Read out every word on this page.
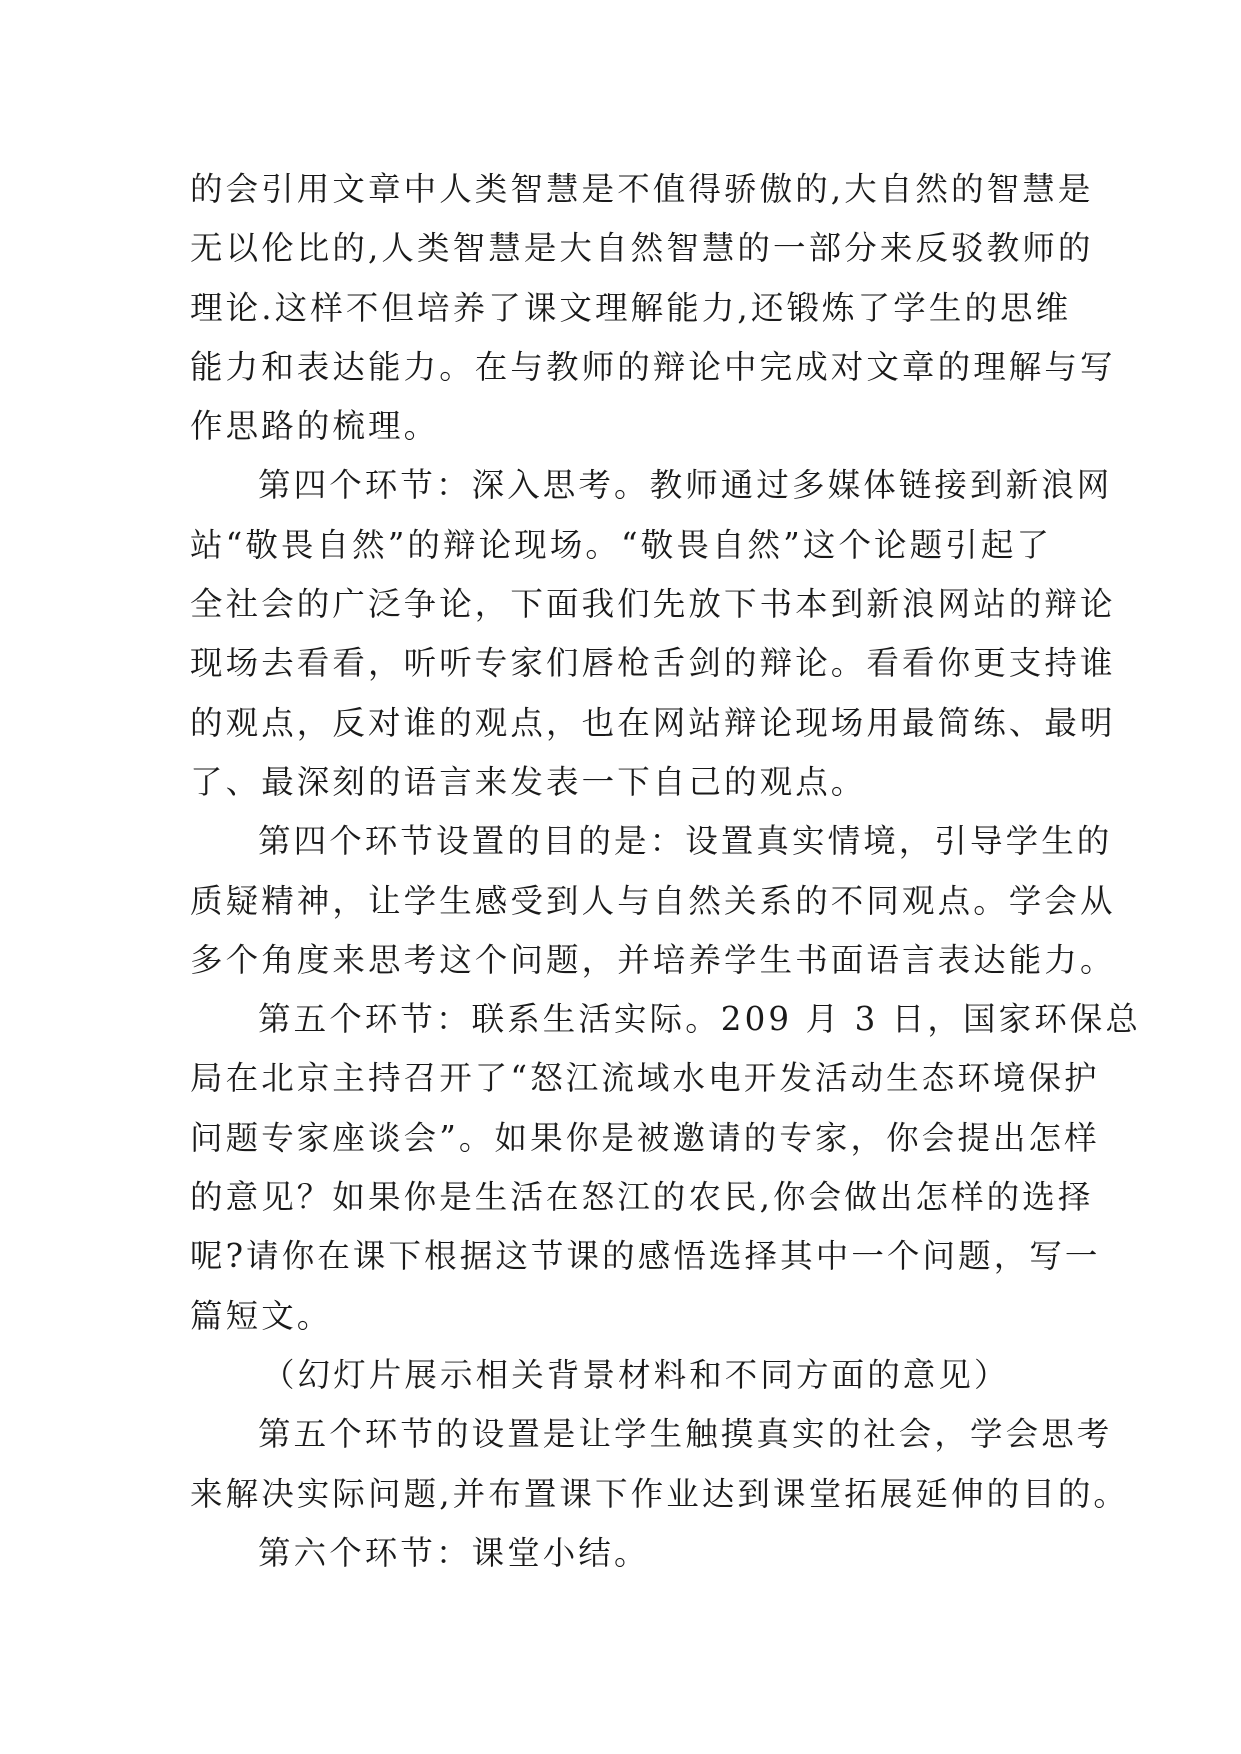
的会引用文章中人类智慧是不值得骄傲的,大自然的智慧是
无以伦比的,人类智慧是大自然智慧的一部分来反驳教师的
理论.这样不但培养了课文理解能力,还锻炼了学生的思维
能力和表达能力。在与教师的辩论中完成对文章的理解与写
作思路的梳理。

第四个环节：深入思考。教师通过多媒体链接到新浪网
站“敬畏自然”的辩论现场。“敬畏自然”这个论题引起了
全社会的广泛争论，下面我们先放下书本到新浪网站的辩论
现场去看看，听听专家们唇枪舌剑的辩论。看看你更支持谁
的观点，反对谁的观点，也在网站辩论现场用最简练、最明
了、最深刻的语言来发表一下自己的观点。

第四个环节设置的目的是：设置真实情境，引导学生的
质疑精神，让学生感受到人与自然关系的不同观点。学会从
多个角度来思考这个问题，并培养学生书面语言表达能力。

第五个环节：联系生活实际。209 月 3 日，国家环保总
局在北京主持召开了“怒江流域水电开发活动生态环境保护
问题专家座谈会”。如果你是被邀请的专家，你会提出怎样
的意见？如果你是生活在怒江的农民,你会做出怎样的选择
呢?请你在课下根据这节课的感悟选择其中一个问题，写一
篇短文。

（幻灯片展示相关背景材料和不同方面的意见）

第五个环节的设置是让学生触摸真实的社会，学会思考
来解决实际问题,并布置课下作业达到课堂拓展延伸的目的。

第六个环节：课堂小结。
